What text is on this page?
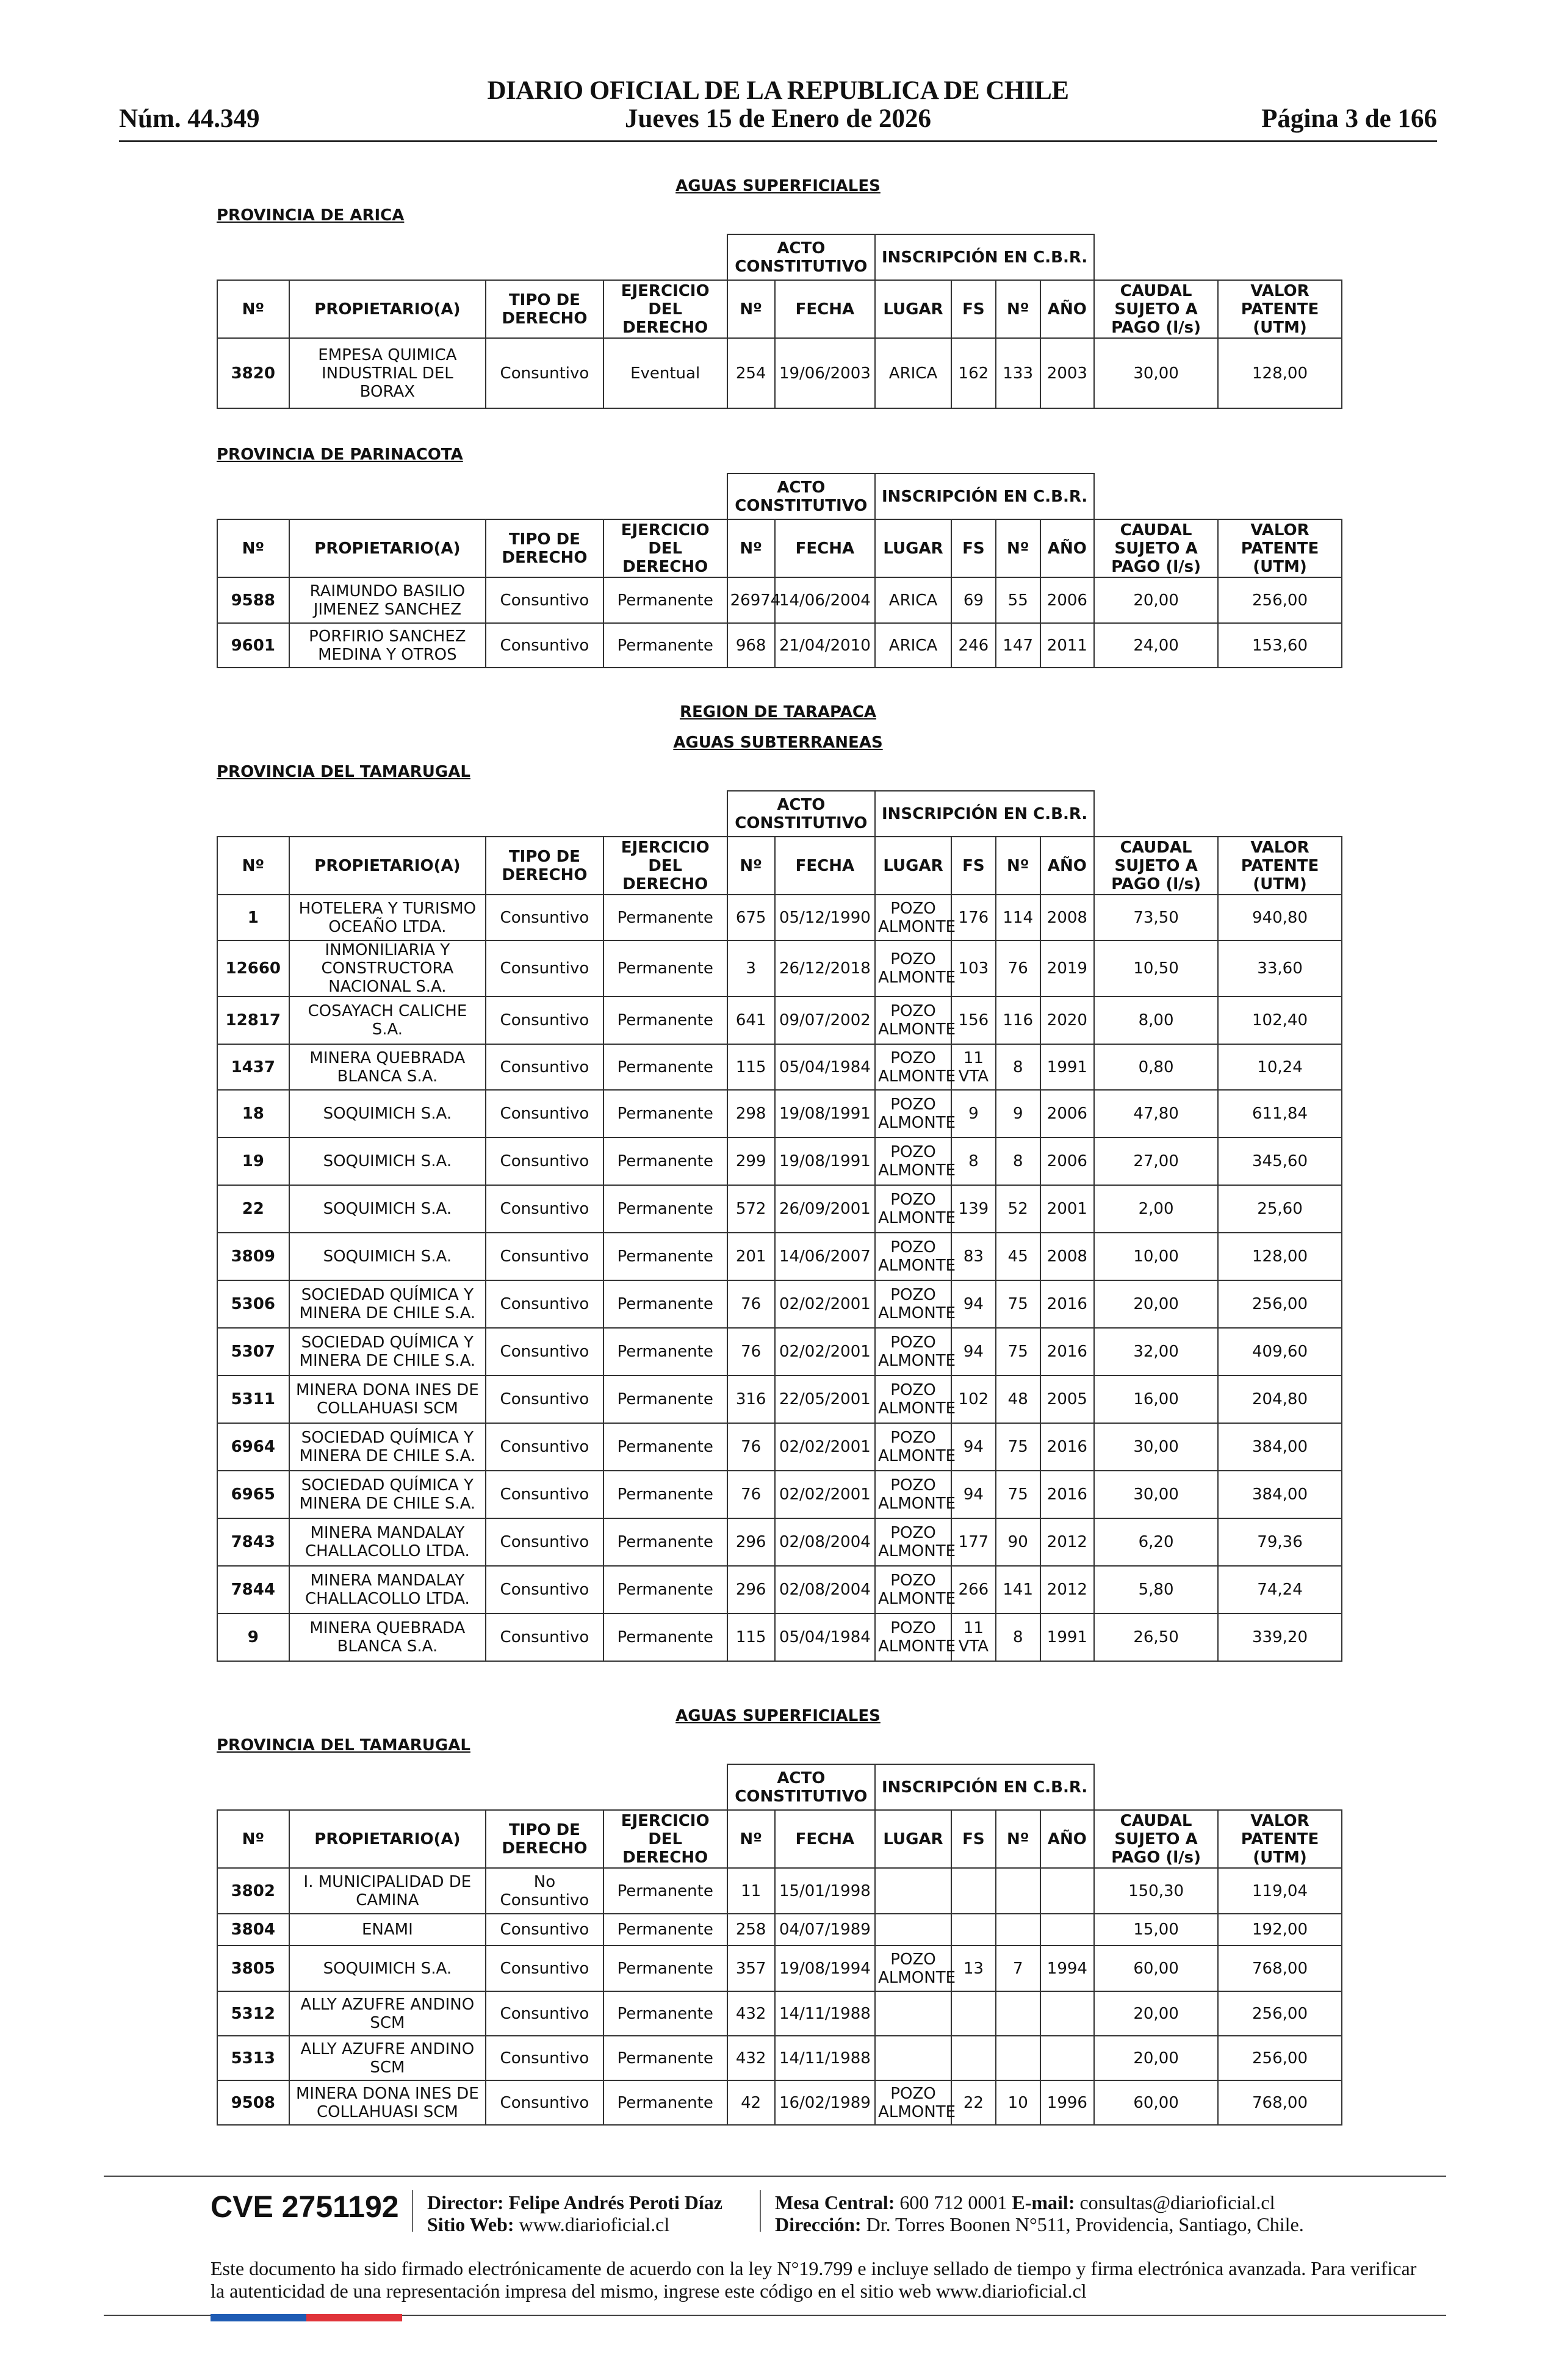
DIARIO OFICIAL DE LA REPUBLICA DE CHILE
Núm. 44.349	Jueves 15 de Enero de 2026	Página 3 de 166
AGUAS SUPERFICIALES
PROVINCIA DE ARICA
				ACTO CONSTITUTIVO		INSCRIPCIÓN EN C.B.R.					
Nº	PROPIETARIO(A)	TIPO DE DERECHO	EJERCICIO DEL DERECHO	Nº	FECHA	LUGAR	FS	Nº	AÑO	CAUDAL SUJETO A PAGO (l/s)	VALOR PATENTE (UTM)
3820	EMPESA QUIMICA INDUSTRIAL DEL BORAX	Consuntivo	Eventual	254	19/06/2003	ARICA	162	133	2003	30,00	128,00
PROVINCIA DE PARINACOTA
				ACTO CONSTITUTIVO		INSCRIPCIÓN EN C.B.R.					
Nº	PROPIETARIO(A)	TIPO DE DERECHO	EJERCICIO DEL DERECHO	Nº	FECHA	LUGAR	FS	Nº	AÑO	CAUDAL SUJETO A PAGO (l/s)	VALOR PATENTE (UTM)
9588	RAIMUNDO BASILIO JIMENEZ SANCHEZ	Consuntivo	Permanente	26974	14/06/2004	ARICA	69	55	2006	20,00	256,00
9601	PORFIRIO SANCHEZ MEDINA Y OTROS	Consuntivo	Permanente	968	21/04/2010	ARICA	246	147	2011	24,00	153,60
REGION DE TARAPACA
AGUAS SUBTERRANEAS
PROVINCIA DEL TAMARUGAL
				ACTO CONSTITUTIVO		INSCRIPCIÓN EN C.B.R.					
Nº	PROPIETARIO(A)	TIPO DE DERECHO	EJERCICIO DEL DERECHO	Nº	FECHA	LUGAR	FS	Nº	AÑO	CAUDAL SUJETO A PAGO (l/s)	VALOR PATENTE (UTM)
1	HOTELERA Y TURISMO OCEAÑO LTDA.	Consuntivo	Permanente	675	05/12/1990	POZO ALMONTE	176	114	2008	73,50	940,80
12660	INMONILIARIA Y CONSTRUCTORA NACIONAL S.A.	Consuntivo	Permanente	3	26/12/2018	POZO ALMONTE	103	76	2019	10,50	33,60
12817	COSAYACH CALICHE S.A.	Consuntivo	Permanente	641	09/07/2002	POZO ALMONTE	156	116	2020	8,00	102,40
1437	MINERA QUEBRADA BLANCA S.A.	Consuntivo	Permanente	115	05/04/1984	POZO ALMONTE	11 VTA	8	1991	0,80	10,24
18	SOQUIMICH S.A.	Consuntivo	Permanente	298	19/08/1991	POZO ALMONTE	9	9	2006	47,80	611,84
19	SOQUIMICH S.A.	Consuntivo	Permanente	299	19/08/1991	POZO ALMONTE	8	8	2006	27,00	345,60
22	SOQUIMICH S.A.	Consuntivo	Permanente	572	26/09/2001	POZO ALMONTE	139	52	2001	2,00	25,60
3809	SOQUIMICH S.A.	Consuntivo	Permanente	201	14/06/2007	POZO ALMONTE	83	45	2008	10,00	128,00
5306	SOCIEDAD QUÍMICA Y MINERA DE CHILE S.A.	Consuntivo	Permanente	76	02/02/2001	POZO ALMONTE	94	75	2016	20,00	256,00
5307	SOCIEDAD QUÍMICA Y MINERA DE CHILE S.A.	Consuntivo	Permanente	76	02/02/2001	POZO ALMONTE	94	75	2016	32,00	409,60
5311	MINERA DONA INES DE COLLAHUASI SCM	Consuntivo	Permanente	316	22/05/2001	POZO ALMONTE	102	48	2005	16,00	204,80
6964	SOCIEDAD QUÍMICA Y MINERA DE CHILE S.A.	Consuntivo	Permanente	76	02/02/2001	POZO ALMONTE	94	75	2016	30,00	384,00
6965	SOCIEDAD QUÍMICA Y MINERA DE CHILE S.A.	Consuntivo	Permanente	76	02/02/2001	POZO ALMONTE	94	75	2016	30,00	384,00
7843	MINERA MANDALAY CHALLACOLLO LTDA.	Consuntivo	Permanente	296	02/08/2004	POZO ALMONTE	177	90	2012	6,20	79,36
7844	MINERA MANDALAY CHALLACOLLO LTDA.	Consuntivo	Permanente	296	02/08/2004	POZO ALMONTE	266	141	2012	5,80	74,24
9	MINERA QUEBRADA BLANCA S.A.	Consuntivo	Permanente	115	05/04/1984	POZO ALMONTE	11 VTA	8	1991	26,50	339,20
AGUAS SUPERFICIALES
PROVINCIA DEL TAMARUGAL
				ACTO CONSTITUTIVO		INSCRIPCIÓN EN C.B.R.					
Nº	PROPIETARIO(A)	TIPO DE DERECHO	EJERCICIO DEL DERECHO	Nº	FECHA	LUGAR	FS	Nº	AÑO	CAUDAL SUJETO A PAGO (l/s)	VALOR PATENTE (UTM)
3802	I. MUNICIPALIDAD DE CAMINA	No Consuntivo	Permanente	11	15/01/1998					150,30	119,04
3804	ENAMI	Consuntivo	Permanente	258	04/07/1989					15,00	192,00
3805	SOQUIMICH S.A.	Consuntivo	Permanente	357	19/08/1994	POZO ALMONTE	13	7	1994	60,00	768,00
5312	ALLY AZUFRE ANDINO SCM	Consuntivo	Permanente	432	14/11/1988					20,00	256,00
5313	ALLY AZUFRE ANDINO SCM	Consuntivo	Permanente	432	14/11/1988					20,00	256,00
9508	MINERA DONA INES DE COLLAHUASI SCM	Consuntivo	Permanente	42	16/02/1989	POZO ALMONTE	22	10	1996	60,00	768,00
CVE 2751192 Director: Felipe Andrés Peroti Díaz
Sitio Web: www.diarioficial.cl
Mesa Central: 600 712 0001 E-mail: consultas@diarioficial.cl
Dirección: Dr. Torres Boonen N°511, Providencia, Santiago, Chile.
Este documento ha sido firmado electrónicamente de acuerdo con la ley N°19.799 e incluye sellado de tiempo y firma electrónica avanzada. Para verificar la autenticidad de una representación impresa del mismo, ingrese este código en el sitio web www.diarioficial.cl
